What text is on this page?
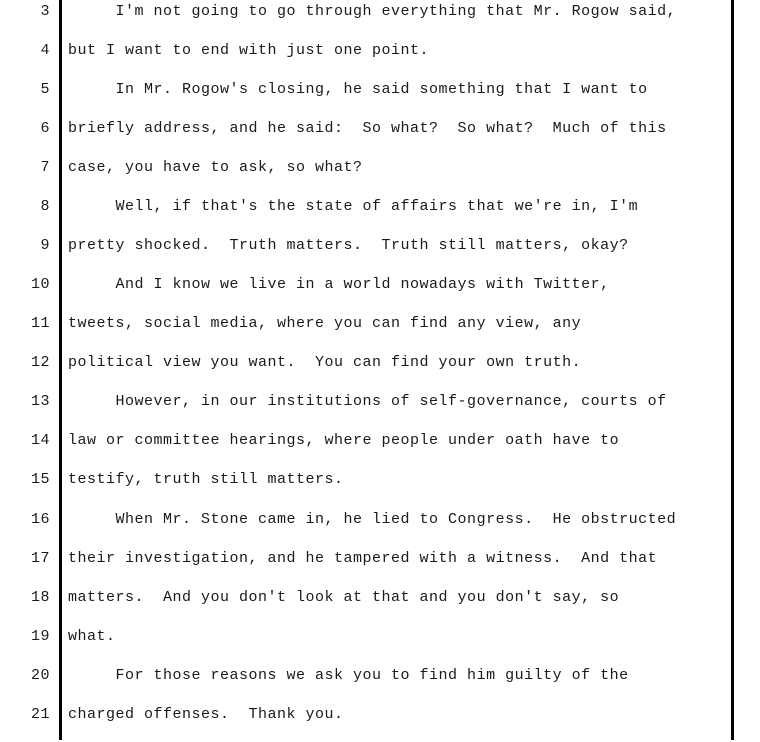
3 I'm not going to go through everything that Mr. Rogow said,
4 but I want to end with just one point.
5 In Mr. Rogow's closing, he said something that I want to
6 briefly address, and he said:  So what?  So what?  Much of this
7 case, you have to ask, so what?
8 Well, if that's the state of affairs that we're in, I'm
9 pretty shocked.  Truth matters.  Truth still matters, okay?
10 And I know we live in a world nowadays with Twitter,
11 tweets, social media, where you can find any view, any
12 political view you want.  You can find your own truth.
13 However, in our institutions of self-governance, courts of
14 law or committee hearings, where people under oath have to
15 testify, truth still matters.
16 When Mr. Stone came in, he lied to Congress.  He obstructed
17 their investigation, and he tampered with a witness.  And that
18 matters.  And you don't look at that and you don't say, so
19 what.
20 For those reasons we ask you to find him guilty of the
21 charged offenses.  Thank you.
